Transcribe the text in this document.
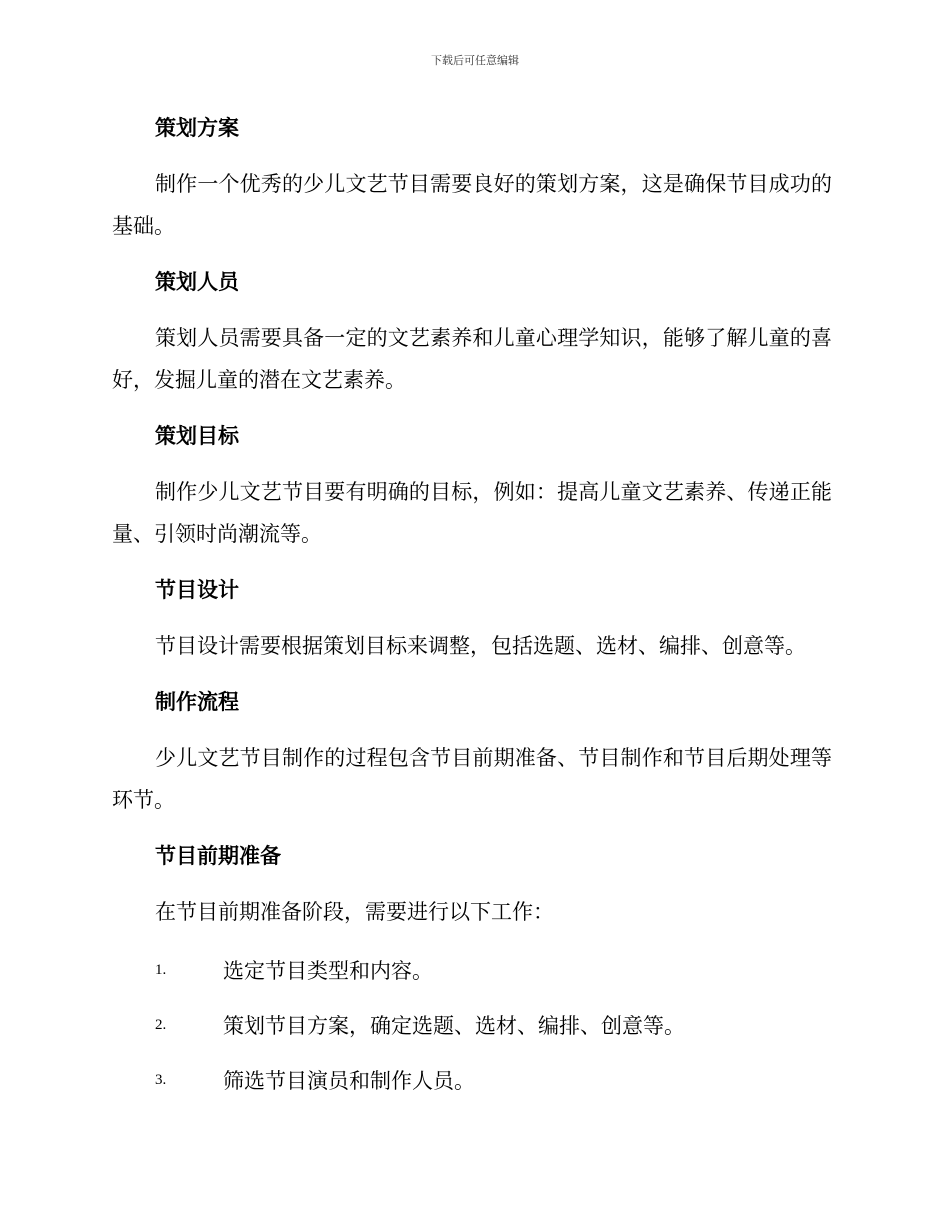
下载后可任意编辑
策划方案

制作一个优秀的少儿文艺节目需要良好的策划方案，这是确保节目成功的基础。

策划人员

策划人员需要具备一定的文艺素养和儿童心理学知识，能够了解儿童的喜好，发掘儿童的潜在文艺素养。

策划目标

制作少儿文艺节目要有明确的目标，例如：提高儿童文艺素养、传递正能量、引领时尚潮流等。

节目设计

节目设计需要根据策划目标来调整，包括选题、选材、编排、创意等。

制作流程

少儿文艺节目制作的过程包含节目前期准备、节目制作和节目后期处理等环节。

节目前期准备

在节目前期准备阶段，需要进行以下工作：

1.	选定节目类型和内容。
2.	策划节目方案，确定选题、选材、编排、创意等。
3.	筛选节目演员和制作人员。
